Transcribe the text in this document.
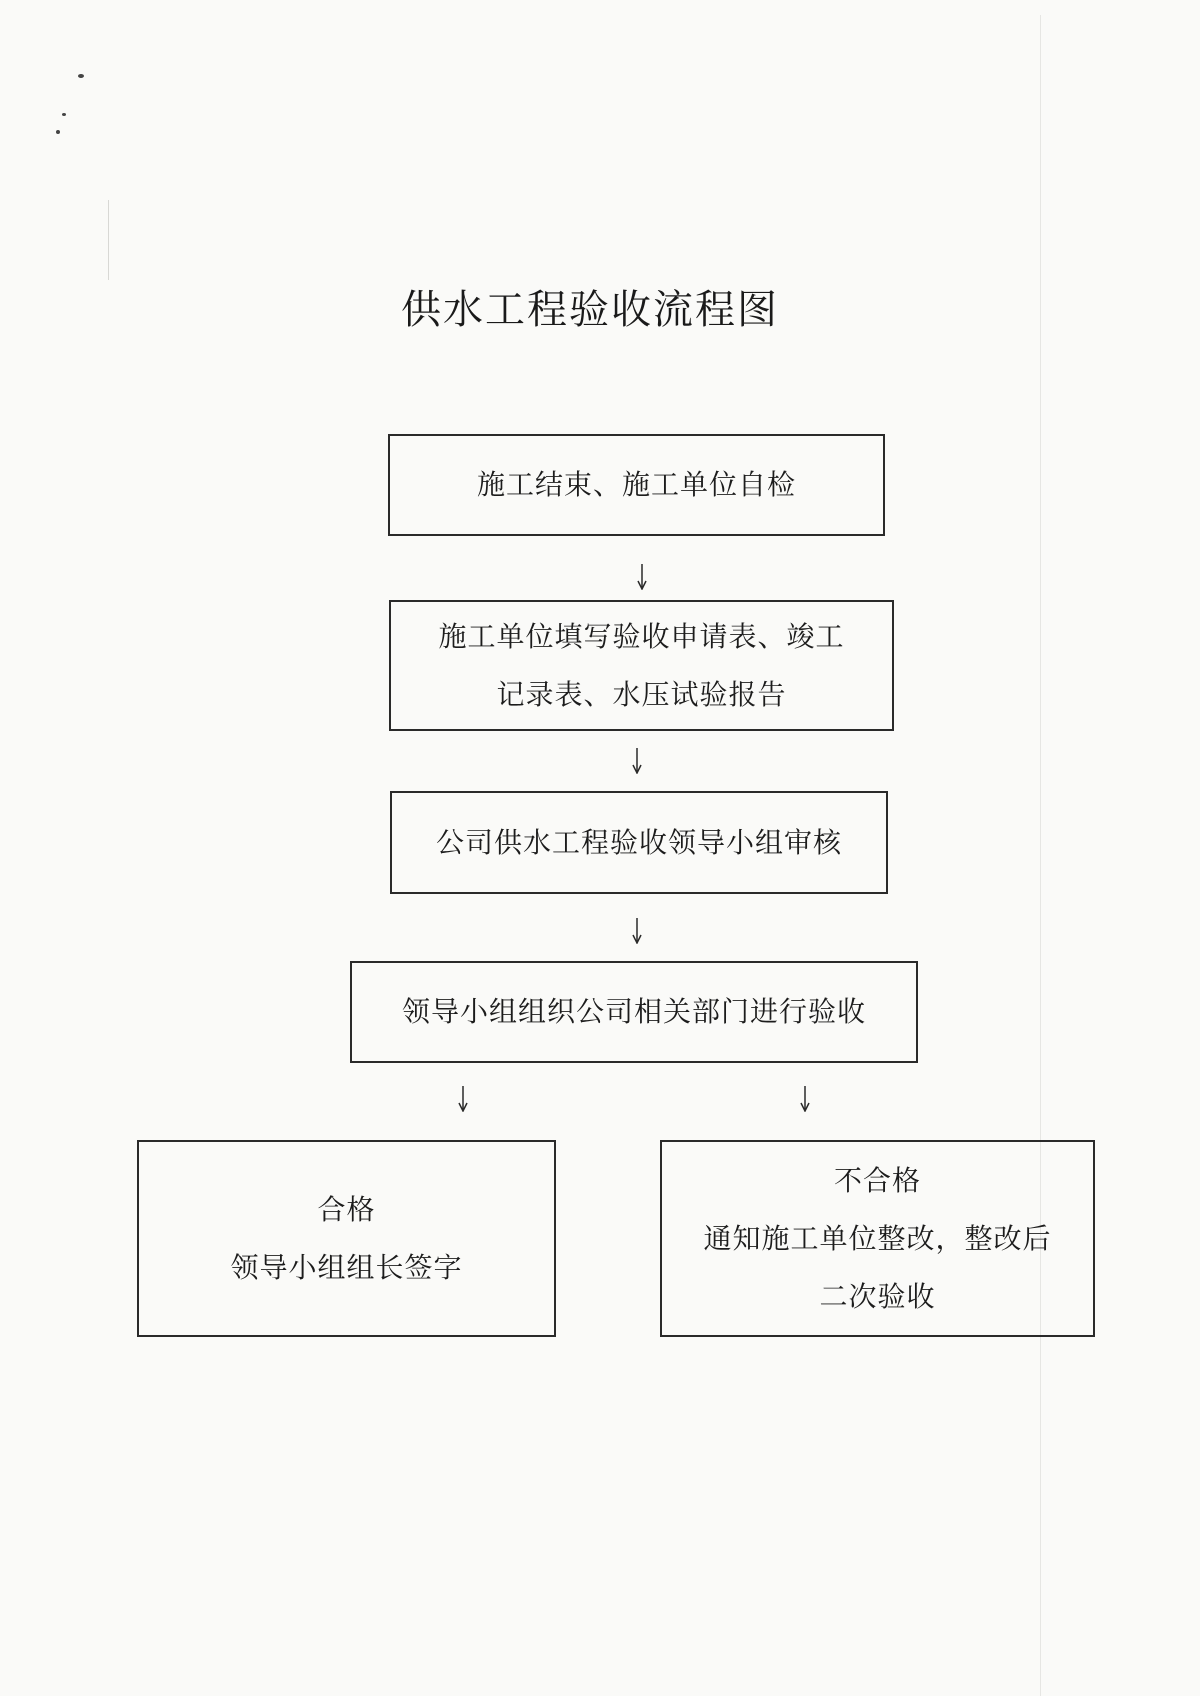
供水工程验收流程图
施工结束、施工单位自检
施工单位填写验收申请表、竣工
记录表、水压试验报告
公司供水工程验收领导小组审核
领导小组组织公司相关部门进行验收
合格
领导小组组长签字
不合格
通知施工单位整改，整改后
二次验收
